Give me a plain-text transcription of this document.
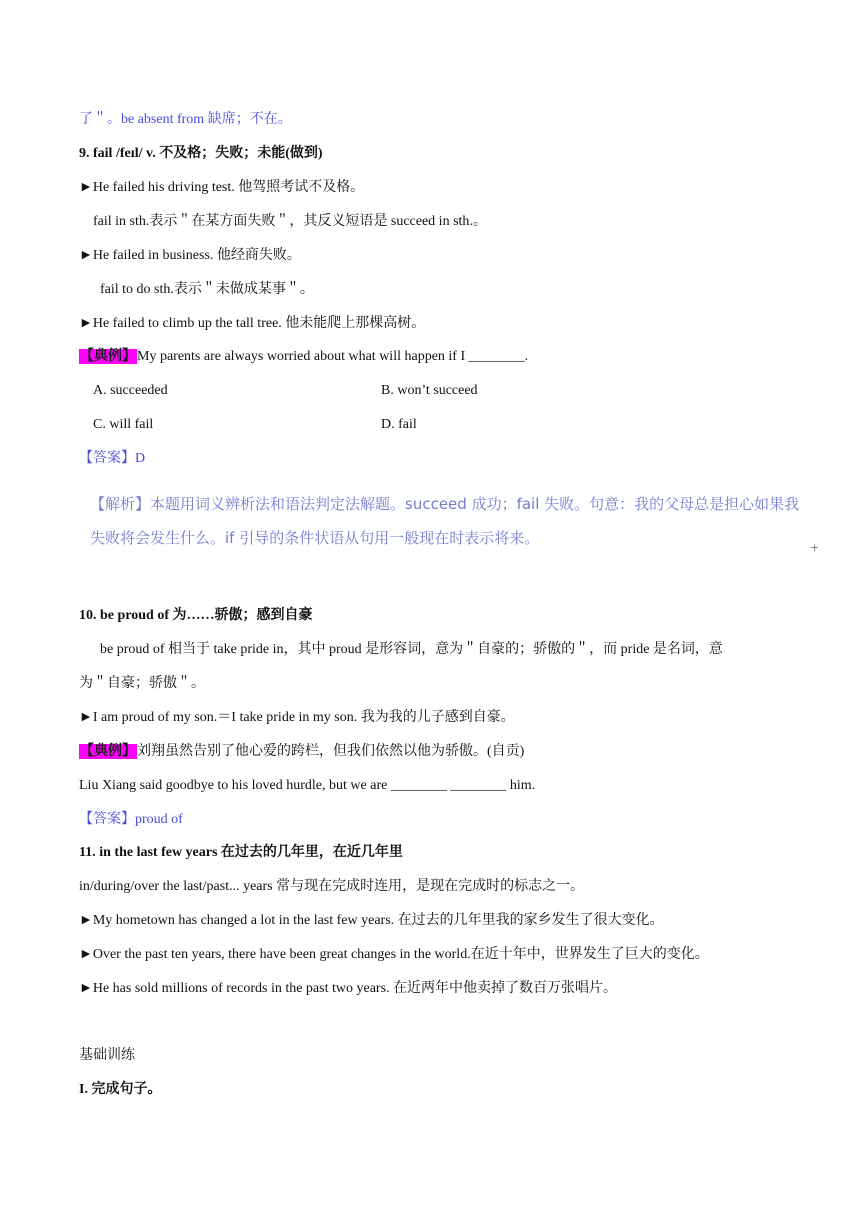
了＂。be absent from 缺席；不在。
9. fail /feɪl/ v. 不及格；失败；未能(做到)
►He failed his driving test. 他驾照考试不及格。
fail in sth.表示＂在某方面失败＂，其反义短语是 succeed in sth.。
►He failed in business. 他经商失败。
fail to do sth.表示＂未做成某事＂。
►He failed to climb up the tall tree. 他未能爬上那棵高树。
【典例】My parents are always worried about what will happen if I ________.
A. succeeded	B. won’t succeed
C. will fail	D. fail
【答案】D
【解析】本题用词义辨析法和语法判定法解题。succeed 成功；fail 失败。句意：我的父母总是担心如果我
失败将会发生什么。if 引导的条件状语从句用一般现在时表示将来。
+
10. be proud of 为……骄傲；感到自豪
be proud of 相当于 take pride in，其中 proud 是形容词，意为＂自豪的；骄傲的＂，而 pride 是名词，意
为＂自豪；骄傲＂。
►I am proud of my son.＝I take pride in my son. 我为我的儿子感到自豪。
【典例】刘翔虽然告别了他心爱的跨栏，但我们依然以他为骄傲。(自贡)
Liu Xiang said goodbye to his loved hurdle, but we are ________ ________ him.
【答案】proud of
11. in the last few years 在过去的几年里，在近几年里
in/during/over the last/past... years 常与现在完成时连用，是现在完成时的标志之一。
►My hometown has changed a lot in the last few years. 在过去的几年里我的家乡发生了很大变化。
►Over the past ten years, there have been great changes in the world.在近十年中，世界发生了巨大的变化。
►He has sold millions of records in the past two years. 在近两年中他卖掉了数百万张唱片。
基础训练
I. 完成句子。
